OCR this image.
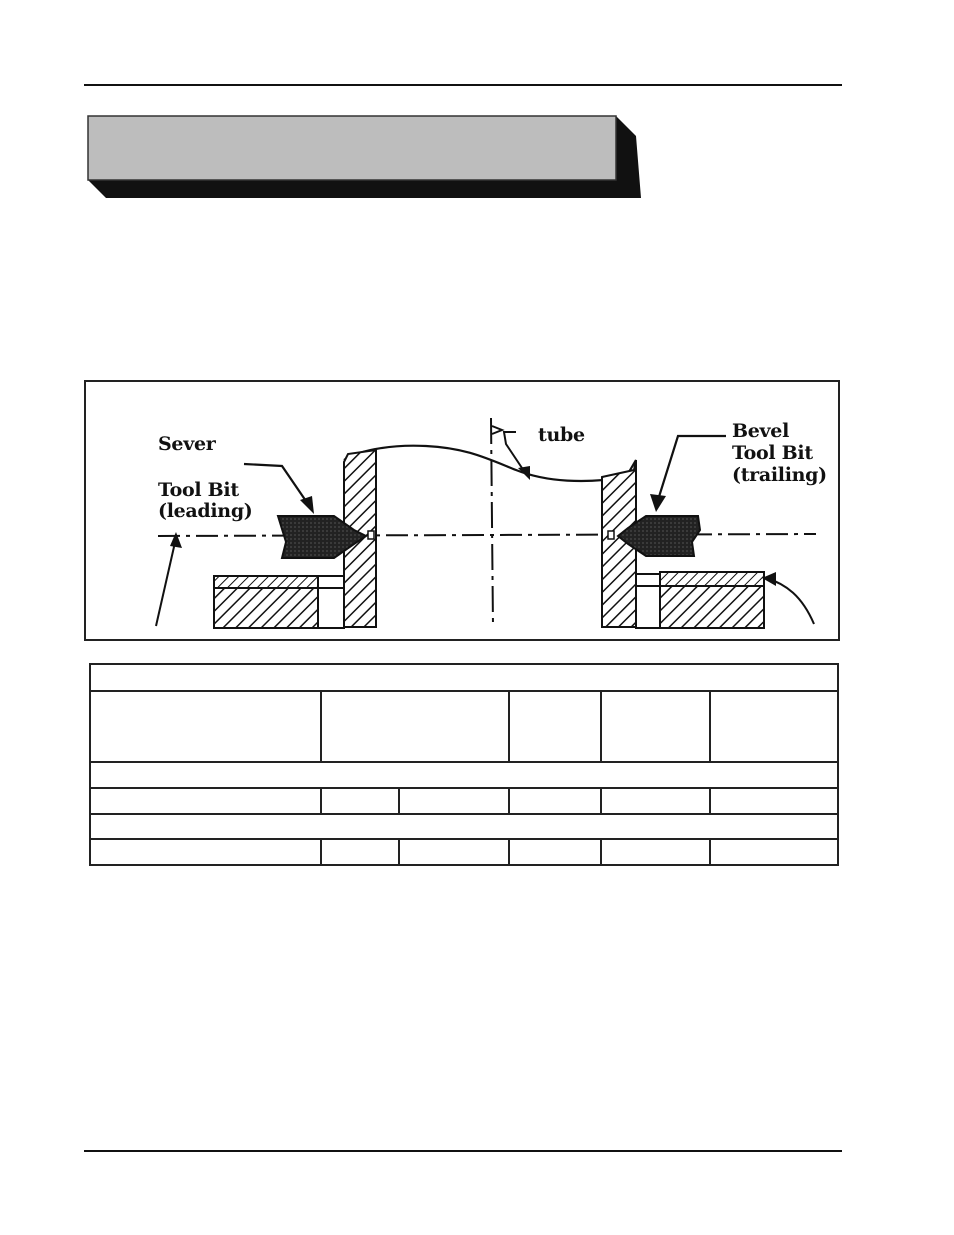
Sever
Tool Bit
(leading)
tube	Bevel
Tool Bit
(trailing)
